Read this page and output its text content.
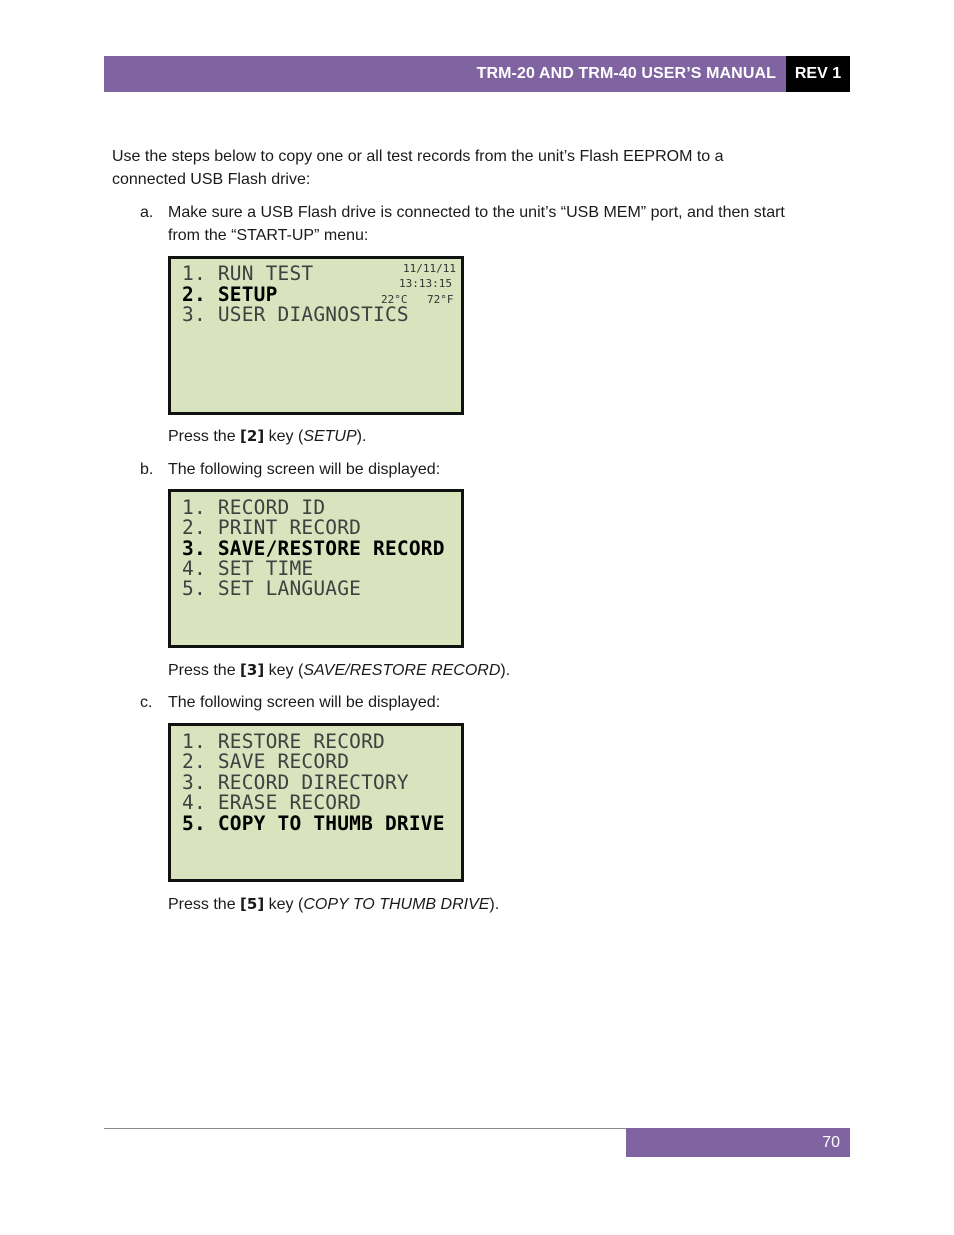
TRM-20 AND TRM-40 USER’S MANUAL	REV 1
Use the steps below to copy one or all test records from the unit’s Flash EEPROM to a
connected USB Flash drive:
a. Make sure a USB Flash drive is connected to the unit’s “USB MEM” port, and then start
from the “START-UP” menu:
1. RUN TEST
2. SETUP
3. USER DIAGNOSTICS
11/11/11
13:13:15
22°C 72°F
Press the [2] key (SETUP).
b. The following screen will be displayed:
1. RECORD ID
2. PRINT RECORD
3. SAVE/RESTORE RECORD
4. SET TIME
5. SET LANGUAGE
Press the [3] key (SAVE/RESTORE RECORD).
c. The following screen will be displayed:
1. RESTORE RECORD
2. SAVE RECORD
3. RECORD DIRECTORY
4. ERASE RECORD
5. COPY TO THUMB DRIVE
Press the [5] key (COPY TO THUMB DRIVE).
70
